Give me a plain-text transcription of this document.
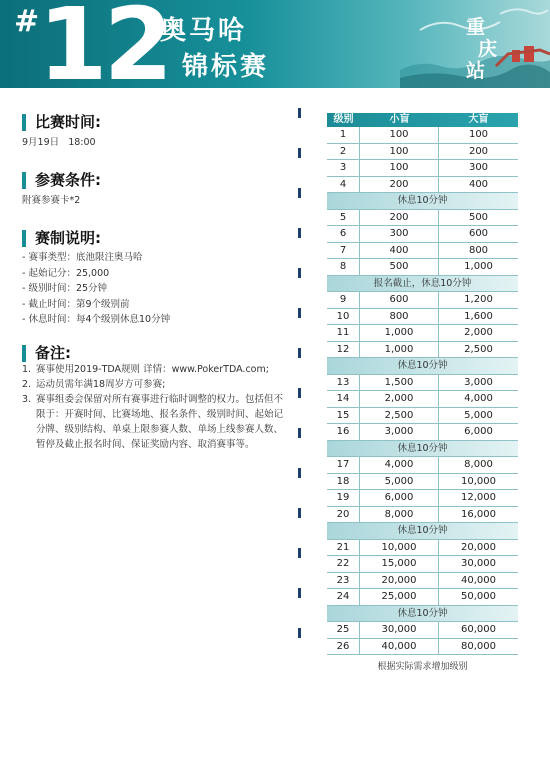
#
12
奥马哈
锦标赛
重
庆
站
比赛时间:
9月19日 18:00
参赛条件:
附赛参赛卡*2
赛制说明:
- 赛事类型：底池限注奥马哈
- 起始记分：25,000
- 级别时间：25分钟
- 截止时间：第9个级别前
- 休息时间：每4个级别休息10分钟
备注:
1. 赛事使用2019-TDA规则 详情：www.PokerTDA.com;
2. 运动员需年满18周岁方可参赛;
3. 赛事组委会保留对所有赛事进行临时调整的权力。包括但不限于：开赛时间、比赛场地、报名条件、级别时间、起始记分牌、级别结构、单桌上限参赛人数、单场上线参赛人数、暂停及截止报名时间、保证奖励内容、取消赛事等。
级别	小盲	大盲
1	100	100
2	100	200
3	100	300
4	200	400
休息10分钟
5	200	500
6	300	600
7	400	800
8	500	1,000
报名截止，休息10分钟
9	600	1,200
10	800	1,600
11	1,000	2,000
12	1,000	2,500
休息10分钟
13	1,500	3,000
14	2,000	4,000
15	2,500	5,000
16	3,000	6,000
休息10分钟
17	4,000	8,000
18	5,000	10,000
19	6,000	12,000
20	8,000	16,000
休息10分钟
21	10,000	20,000
22	15,000	30,000
23	20,000	40,000
24	25,000	50,000
休息10分钟
25	30,000	60,000
26	40,000	80,000
根据实际需求增加级别
